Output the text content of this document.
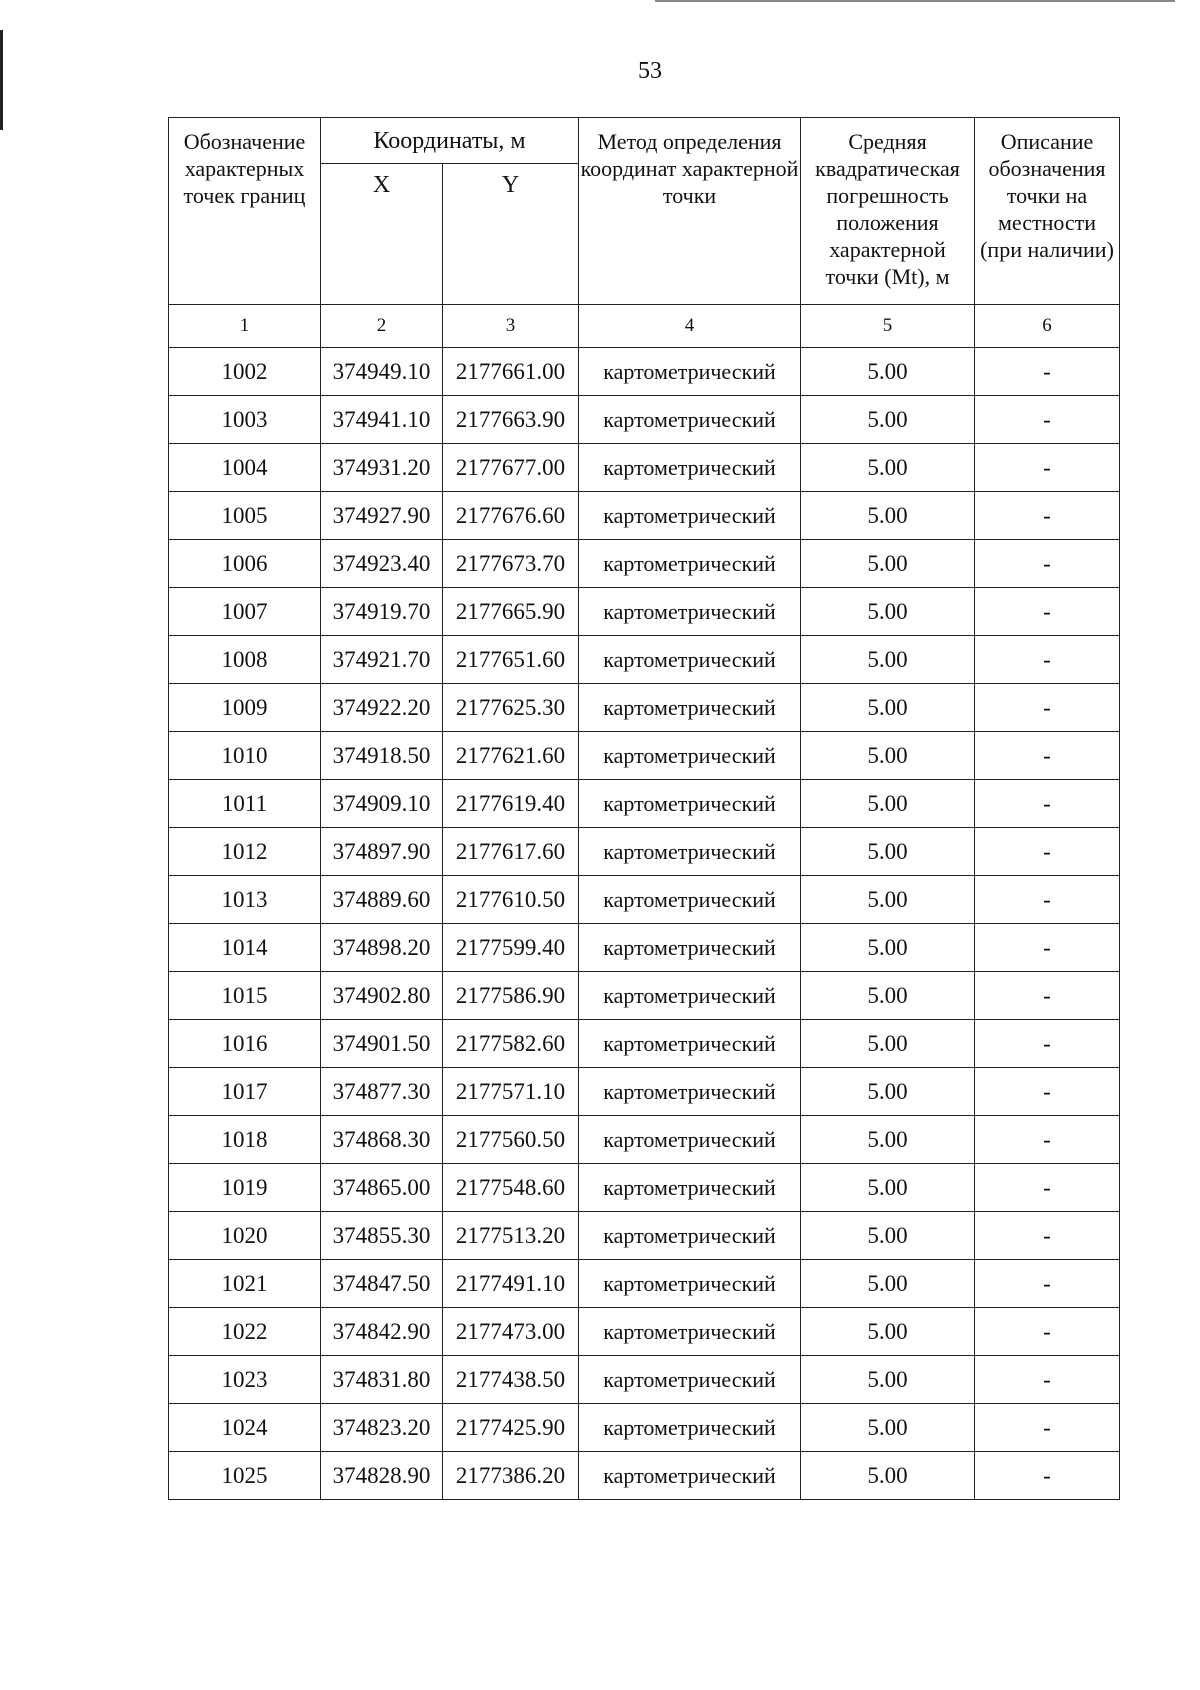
53
Обозначение характерных точек границ	Координаты, м		Метод определения координат характерной точки	Средняя квадратическая погрешность положения характерной точки (Mt), м	Описание обозначения точки на местности (при наличии)
	X	Y			
1	2	3	4	5	6
1002	374949.10	2177661.00	картометрический	5.00	-
1003	374941.10	2177663.90	картометрический	5.00	-
1004	374931.20	2177677.00	картометрический	5.00	-
1005	374927.90	2177676.60	картометрический	5.00	-
1006	374923.40	2177673.70	картометрический	5.00	-
1007	374919.70	2177665.90	картометрический	5.00	-
1008	374921.70	2177651.60	картометрический	5.00	-
1009	374922.20	2177625.30	картометрический	5.00	-
1010	374918.50	2177621.60	картометрический	5.00	-
1011	374909.10	2177619.40	картометрический	5.00	-
1012	374897.90	2177617.60	картометрический	5.00	-
1013	374889.60	2177610.50	картометрический	5.00	-
1014	374898.20	2177599.40	картометрический	5.00	-
1015	374902.80	2177586.90	картометрический	5.00	-
1016	374901.50	2177582.60	картометрический	5.00	-
1017	374877.30	2177571.10	картометрический	5.00	-
1018	374868.30	2177560.50	картометрический	5.00	-
1019	374865.00	2177548.60	картометрический	5.00	-
1020	374855.30	2177513.20	картометрический	5.00	-
1021	374847.50	2177491.10	картометрический	5.00	-
1022	374842.90	2177473.00	картометрический	5.00	-
1023	374831.80	2177438.50	картометрический	5.00	-
1024	374823.20	2177425.90	картометрический	5.00	-
1025	374828.90	2177386.20	картометрический	5.00	-
